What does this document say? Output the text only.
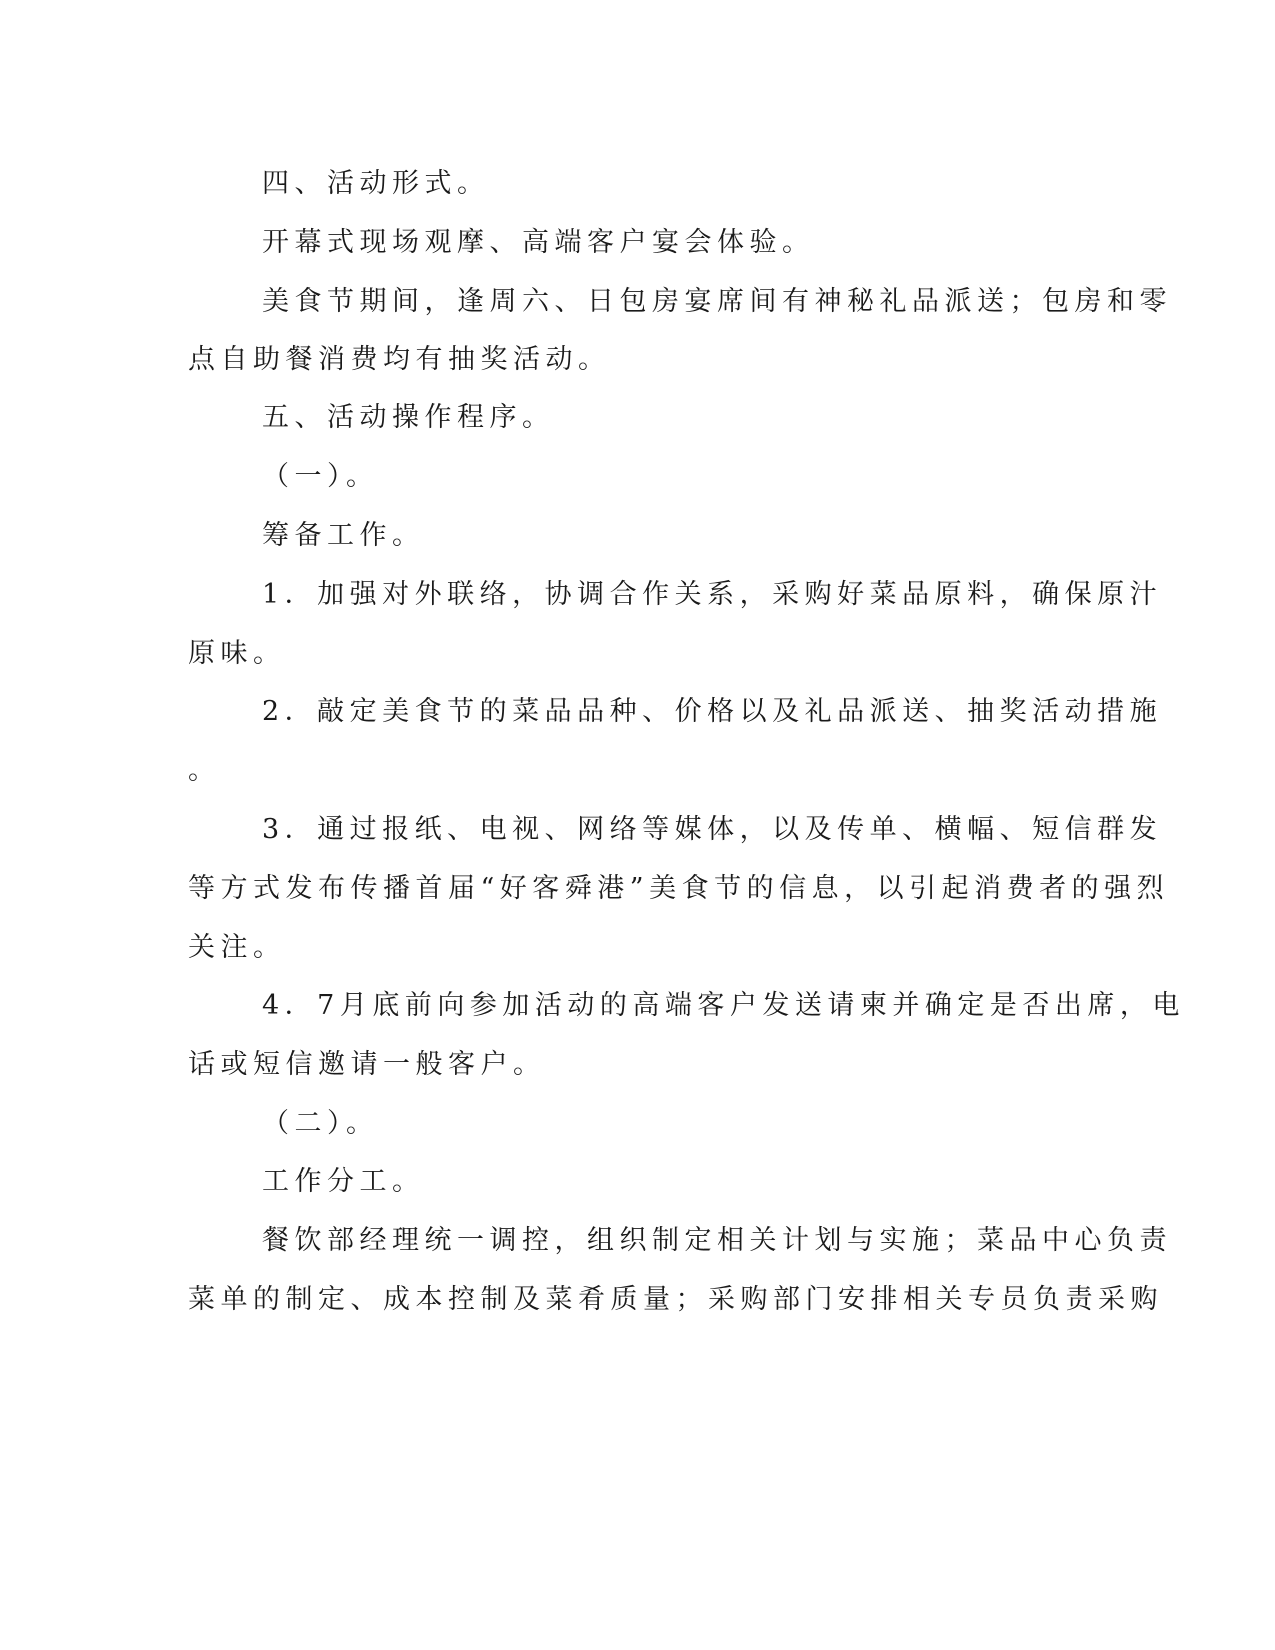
四、活动形式。
开幕式现场观摩、高端客户宴会体验。
美食节期间，逢周六、日包房宴席间有神秘礼品派送；包房和零
点自助餐消费均有抽奖活动。
五、活动操作程序。
（一）。
筹备工作。
1．加强对外联络，协调合作关系，采购好菜品原料，确保原汁
原味。
2．敲定美食节的菜品品种、价格以及礼品派送、抽奖活动措施
。
3．通过报纸、电视、网络等媒体，以及传单、横幅、短信群发
等方式发布传播首届“好客舜港”美食节的信息，以引起消费者的强烈
关注。
4．7月底前向参加活动的高端客户发送请柬并确定是否出席，电
话或短信邀请一般客户。
（二）。
工作分工。
餐饮部经理统一调控，组织制定相关计划与实施；菜品中心负责
菜单的制定、成本控制及菜肴质量；采购部门安排相关专员负责采购
